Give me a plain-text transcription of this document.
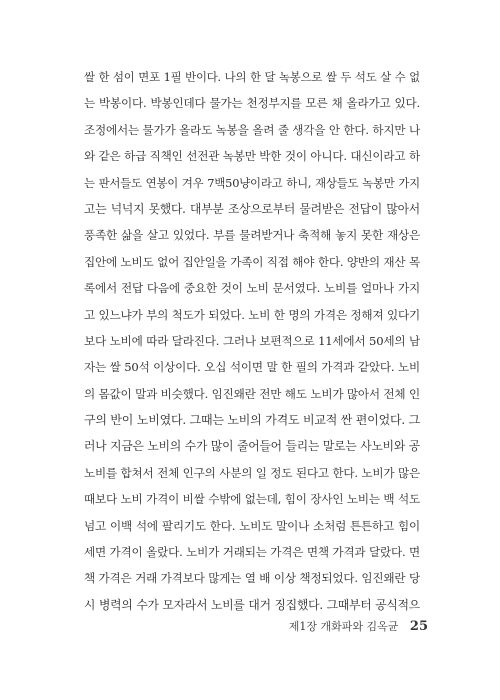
쌀 한 섬이 면포 1필 반이다. 나의 한 달 녹봉으로 쌀 두 석도 살 수 없
는 박봉이다. 박봉인데다 물가는 천정부지를 모른 채 올라가고 있다.
조정에서는 물가가 올라도 녹봉을 올려 줄 생각을 안 한다. 하지만 나
와 같은 하급 직책인 선전관 녹봉만 박한 것이 아니다. 대신이라고 하
는 판서들도 연봉이 겨우 7백50냥이라고 하니, 재상들도 녹봉만 가지
고는 넉넉지 못했다. 대부분 조상으로부터 물려받은 전답이 많아서
풍족한 삶을 살고 있었다. 부를 물려받거나 축적해 놓지 못한 재상은
집안에 노비도 없어 집안일을 가족이 직접 해야 한다. 양반의 재산 목
록에서 전답 다음에 중요한 것이 노비 문서였다. 노비를 얼마나 가지
고 있느냐가 부의 척도가 되었다. 노비 한 명의 가격은 정해져 있다기
보다 노비에 따라 달라진다. 그러나 보편적으로 11세에서 50세의 남
자는 쌀 50석 이상이다. 오십 석이면 말 한 필의 가격과 같았다. 노비
의 몸값이 말과 비슷했다. 임진왜란 전만 해도 노비가 많아서 전체 인
구의 반이 노비였다. 그때는 노비의 가격도 비교적 싼 편이었다. 그
러나 지금은 노비의 수가 많이 줄어들어 들리는 말로는 사노비와 공
노비를 합쳐서 전체 인구의 사분의 일 정도 된다고 한다. 노비가 많은
때보다 노비 가격이 비쌀 수밖에 없는데, 힘이 장사인 노비는 백 석도
넘고 이백 석에 팔리기도 한다. 노비도 말이나 소처럼 튼튼하고 힘이
세면 가격이 올랐다. 노비가 거래되는 가격은 면책 가격과 달랐다. 면
책 가격은 거래 가격보다 많게는 열 배 이상 책정되었다. 임진왜란 당
시 병력의 수가 모자라서 노비를 대거 징집했다. 그때부터 공식적으
제1장 개화파와 김옥균 25
